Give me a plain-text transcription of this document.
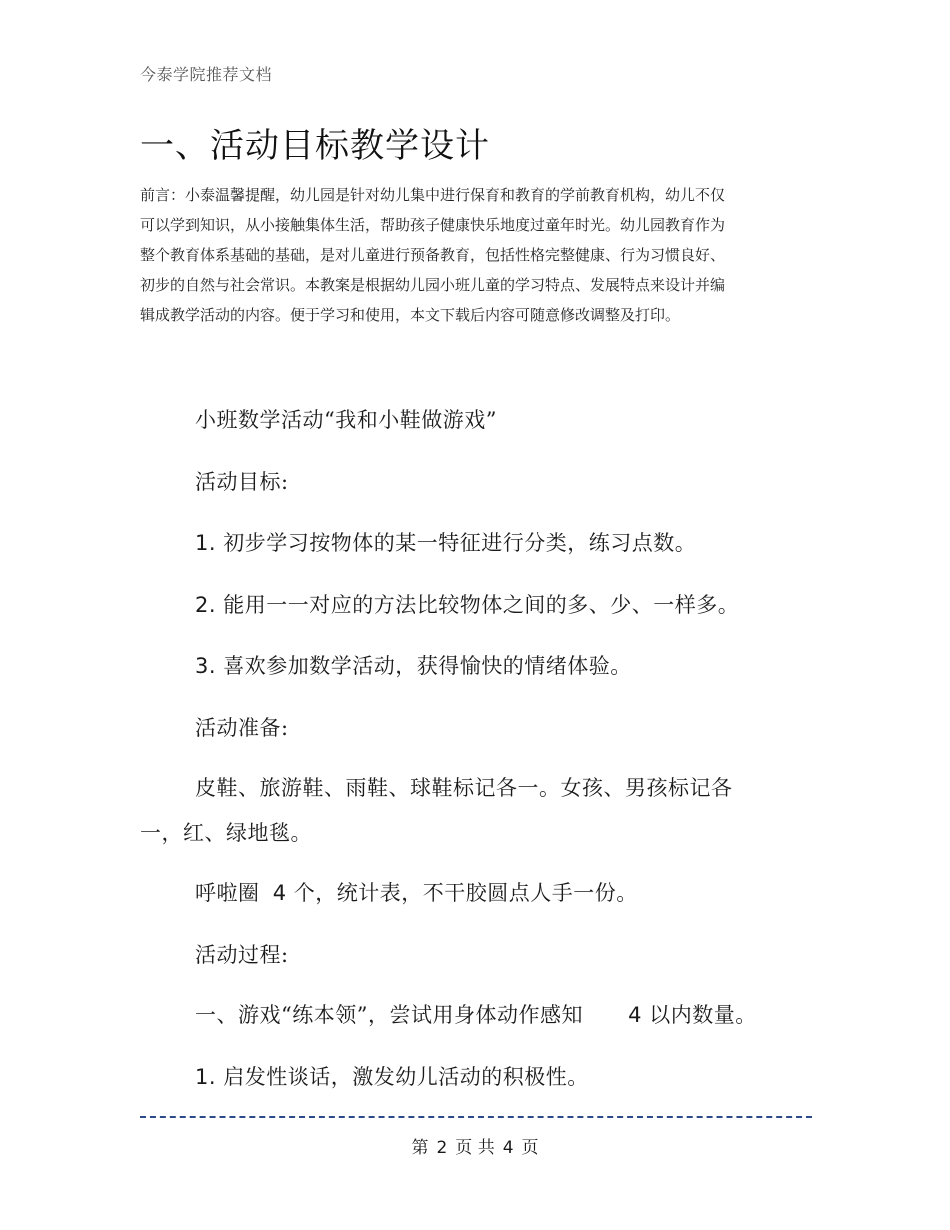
今泰学院推荐文档
一、活动目标教学设计

前言：小泰温馨提醒，幼儿园是针对幼儿集中进行保育和教育的学前教育机构，幼儿不仅

可以学到知识，从小接触集体生活，帮助孩子健康快乐地度过童年时光。幼儿园教育作为

整个教育体系基础的基础，是对儿童进行预备教育，包括性格完整健康、行为习惯良好、

初步的自然与社会常识。本教案是根据幼儿园小班儿童的学习特点、发展特点来设计并编

辑成教学活动的内容。便于学习和使用，本文下载后内容可随意修改调整及打印。

小班数学活动“我和小鞋做游戏”
活动目标:
1. 初步学习按物体的某一特征进行分类，练习点数。
2. 能用一一对应的方法比较物体之间的多、少、一样多。
3. 喜欢参加数学活动，获得愉快的情绪体验。
活动准备:
皮鞋、旅游鞋、雨鞋、球鞋标记各一。女孩、男孩标记各
一，红、绿地毯。
呼啦圈 4 个，统计表，不干胶圆点人手一份。
活动过程:
一、游戏“练本领”，尝试用身体动作感知 4 以内数量。
1. 启发性谈话，激发幼儿活动的积极性。
第 2 页 共 4 页
